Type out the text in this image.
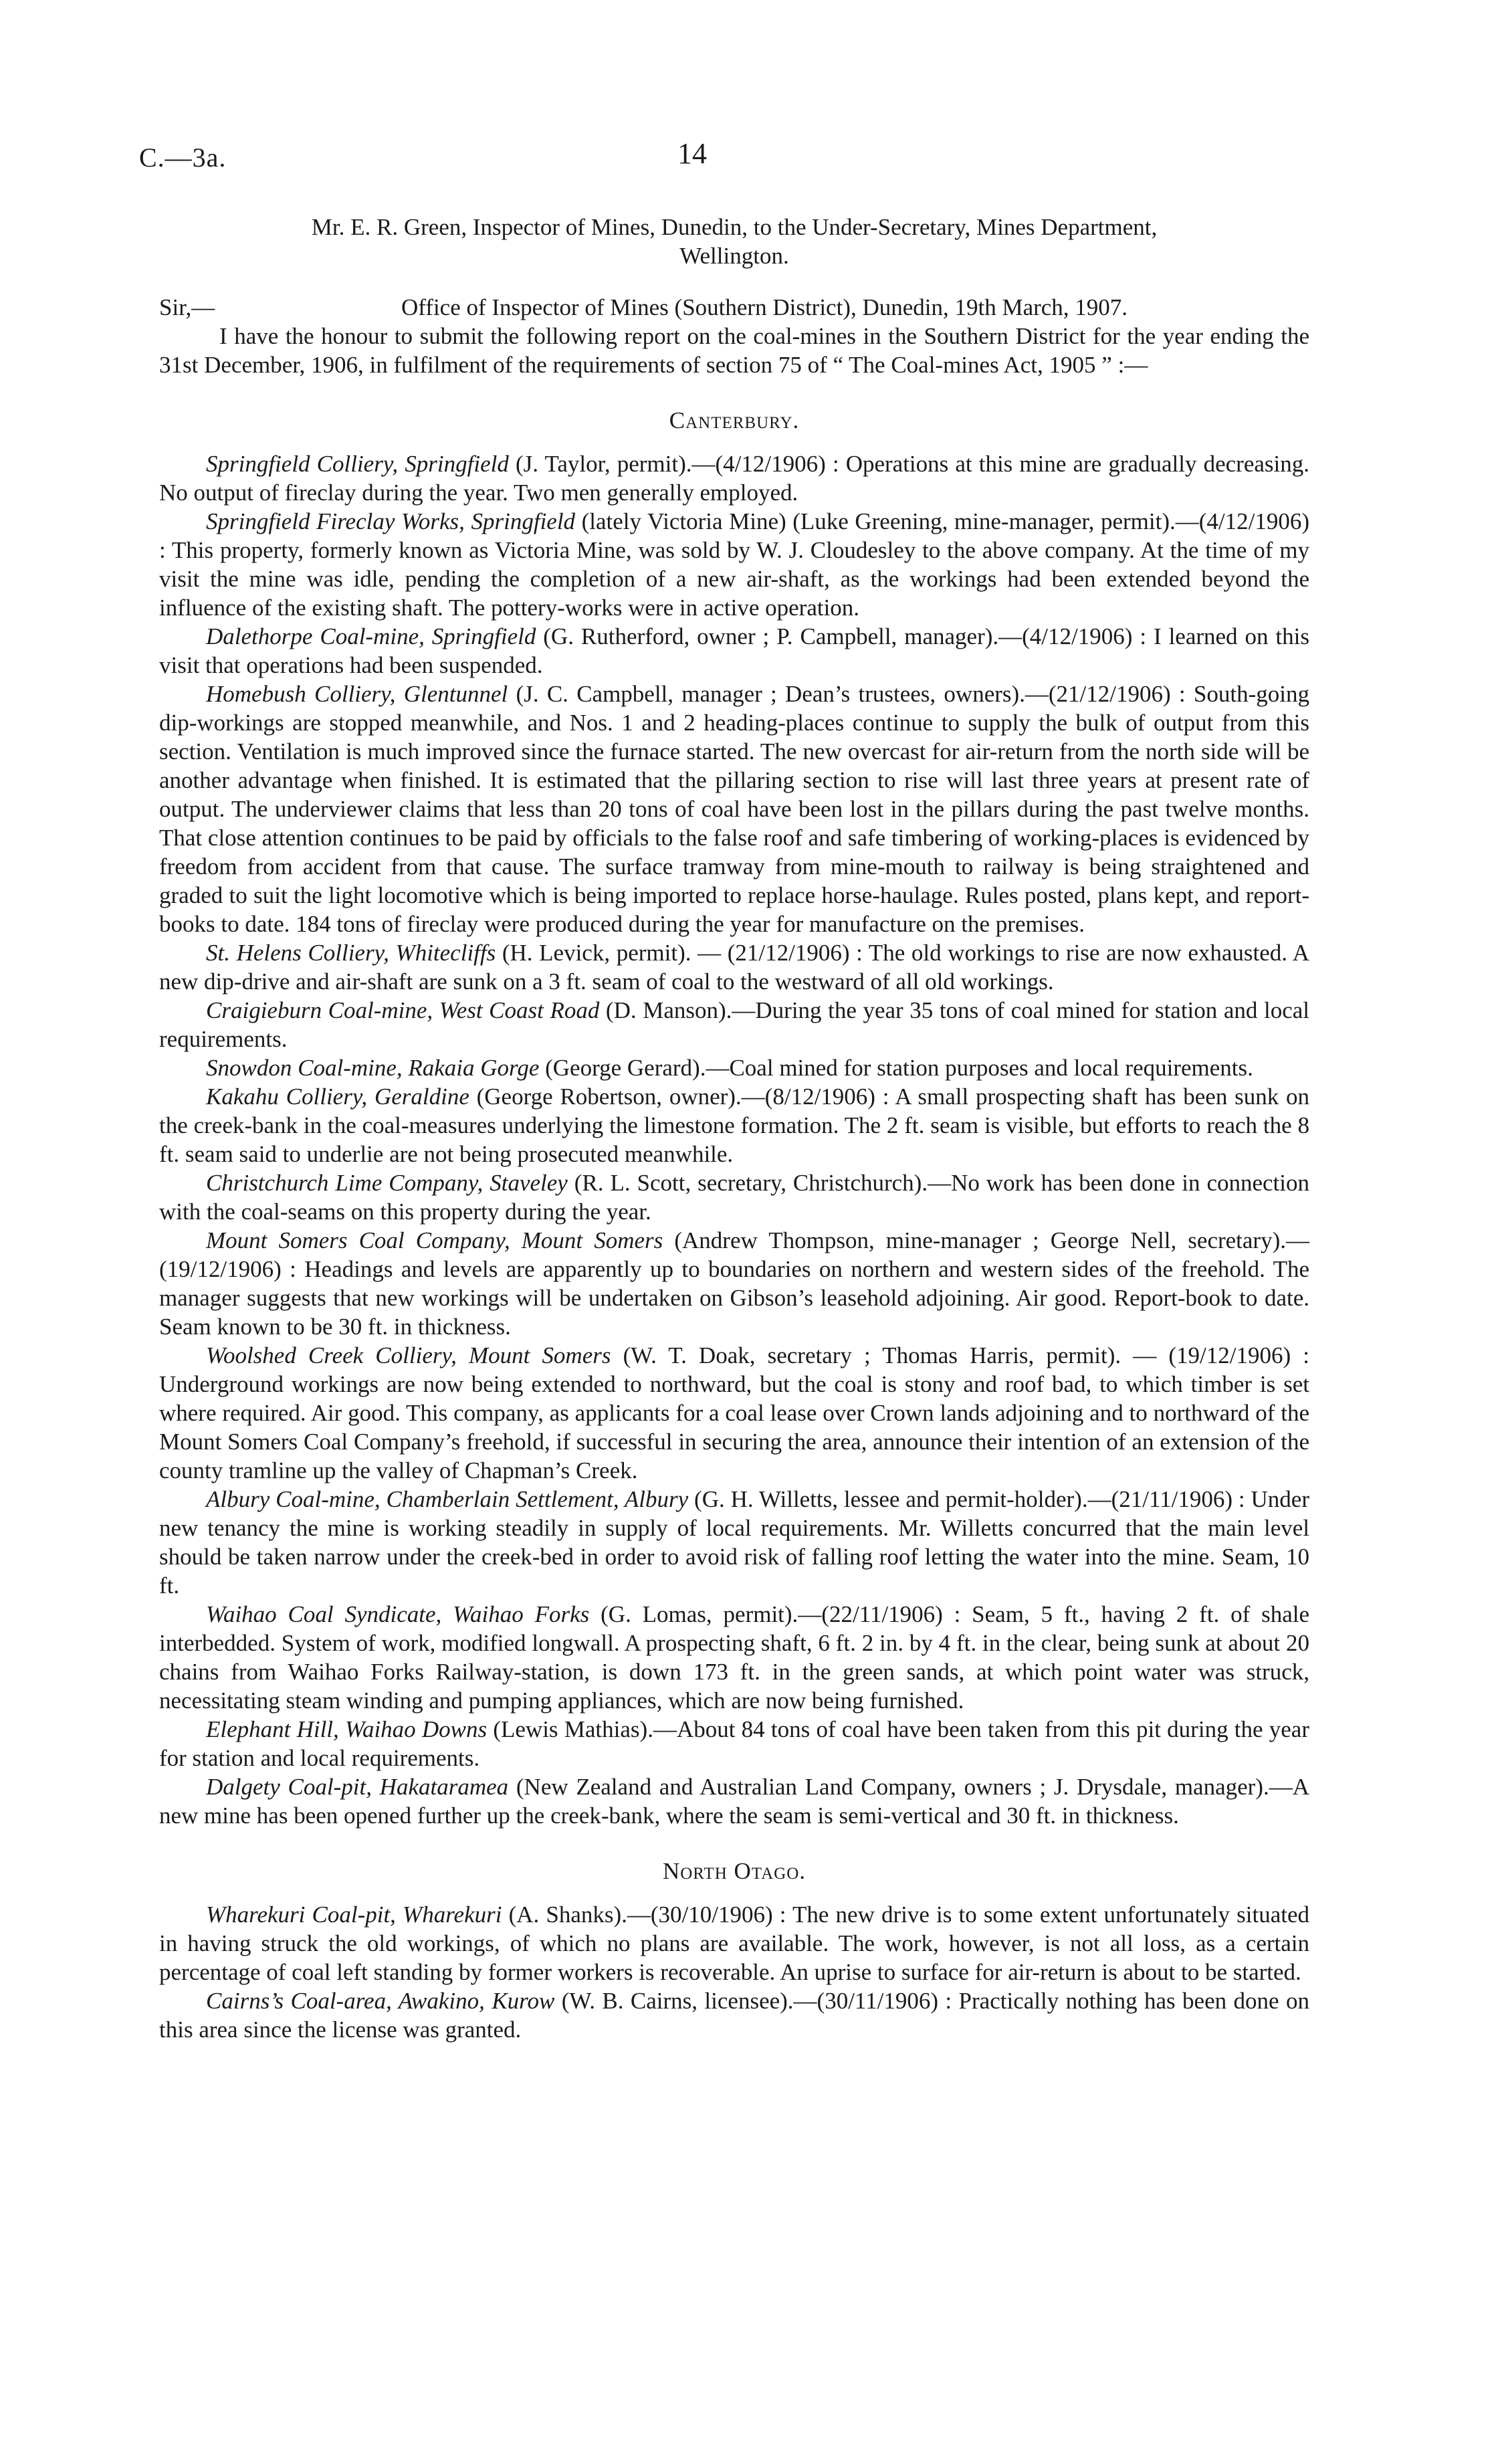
C.—3a.	14

Mr. E. R. Green, Inspector of Mines, Dunedin, to the Under-Secretary, Mines Department,

Wellington.

Sir,—	Office of Inspector of Mines (Southern District), Dunedin, 19th March, 1907.

I have the honour to submit the following report on the coal-mines in the Southern District for the year ending the 31st December, 1906, in fulfilment of the requirements of section 75 of “ The Coal-mines Act, 1905 ” :—

Canterbury.

Springfield Colliery, Springfield (J. Taylor, permit).—(4/12/1906) : Operations at this mine are gradually decreasing. No output of fireclay during the year. Two men generally employed.

Springfield Fireclay Works, Springfield (lately Victoria Mine) (Luke Greening, mine-manager, permit).—(4/12/1906) : This property, formerly known as Victoria Mine, was sold by W. J. Cloudesley to the above company. At the time of my visit the mine was idle, pending the completion of a new air-shaft, as the workings had been extended beyond the influence of the existing shaft. The pottery-works were in active operation.

Dalethorpe Coal-mine, Springfield (G. Rutherford, owner ; P. Campbell, manager).—(4/12/1906) : I learned on this visit that operations had been suspended.

Homebush Colliery, Glentunnel (J. C. Campbell, manager ; Dean’s trustees, owners).—(21/12/1906) : South-going dip-workings are stopped meanwhile, and Nos. 1 and 2 heading-places continue to supply the bulk of output from this section. Ventilation is much improved since the furnace started. The new overcast for air-return from the north side will be another advantage when finished. It is estimated that the pillaring section to rise will last three years at present rate of output. The underviewer claims that less than 20 tons of coal have been lost in the pillars during the past twelve months. That close attention continues to be paid by officials to the false roof and safe timbering of working-places is evidenced by freedom from accident from that cause. The surface tramway from mine-mouth to railway is being straightened and graded to suit the light locomotive which is being imported to replace horse-haulage. Rules posted, plans kept, and report-books to date. 184 tons of fireclay were produced during the year for manufacture on the premises.

St. Helens Colliery, Whitecliffs (H. Levick, permit). — (21/12/1906) : The old workings to rise are now exhausted. A new dip-drive and air-shaft are sunk on a 3 ft. seam of coal to the westward of all old workings.

Craigieburn Coal-mine, West Coast Road (D. Manson).—During the year 35 tons of coal mined for station and local requirements.

Snowdon Coal-mine, Rakaia Gorge (George Gerard).—Coal mined for station purposes and local requirements.

Kakahu Colliery, Geraldine (George Robertson, owner).—(8/12/1906) : A small prospecting shaft has been sunk on the creek-bank in the coal-measures underlying the limestone formation. The 2 ft. seam is visible, but efforts to reach the 8 ft. seam said to underlie are not being prosecuted meanwhile.

Christchurch Lime Company, Staveley (R. L. Scott, secretary, Christchurch).—No work has been done in connection with the coal-seams on this property during the year.

Mount Somers Coal Company, Mount Somers (Andrew Thompson, mine-manager ; George Nell, secretary).—(19/12/1906) : Headings and levels are apparently up to boundaries on northern and western sides of the freehold. The manager suggests that new workings will be undertaken on Gibson’s leasehold adjoining. Air good. Report-book to date. Seam known to be 30 ft. in thickness.

Woolshed Creek Colliery, Mount Somers (W. T. Doak, secretary ; Thomas Harris, permit). — (19/12/1906) : Underground workings are now being extended to northward, but the coal is stony and roof bad, to which timber is set where required. Air good. This company, as applicants for a coal lease over Crown lands adjoining and to northward of the Mount Somers Coal Company’s freehold, if successful in securing the area, announce their intention of an extension of the county tramline up the valley of Chapman’s Creek.

Albury Coal-mine, Chamberlain Settlement, Albury (G. H. Willetts, lessee and permit-holder).—(21/11/1906) : Under new tenancy the mine is working steadily in supply of local requirements. Mr. Willetts concurred that the main level should be taken narrow under the creek-bed in order to avoid risk of falling roof letting the water into the mine. Seam, 10 ft.

Waihao Coal Syndicate, Waihao Forks (G. Lomas, permit).—(22/11/1906) : Seam, 5 ft., having 2 ft. of shale interbedded. System of work, modified longwall. A prospecting shaft, 6 ft. 2 in. by 4 ft. in the clear, being sunk at about 20 chains from Waihao Forks Railway-station, is down 173 ft. in the green sands, at which point water was struck, necessitating steam winding and pumping appliances, which are now being furnished.

Elephant Hill, Waihao Downs (Lewis Mathias).—About 84 tons of coal have been taken from this pit during the year for station and local requirements.

Dalgety Coal-pit, Hakataramea (New Zealand and Australian Land Company, owners ; J. Drysdale, manager).—A new mine has been opened further up the creek-bank, where the seam is semi-vertical and 30 ft. in thickness.

North Otago.

Wharekuri Coal-pit, Wharekuri (A. Shanks).—(30/10/1906) : The new drive is to some extent unfortunately situated in having struck the old workings, of which no plans are available. The work, however, is not all loss, as a certain percentage of coal left standing by former workers is recoverable. An uprise to surface for air-return is about to be started.

Cairns’s Coal-area, Awakino, Kurow (W. B. Cairns, licensee).—(30/11/1906) : Practically nothing has been done on this area since the license was granted.
